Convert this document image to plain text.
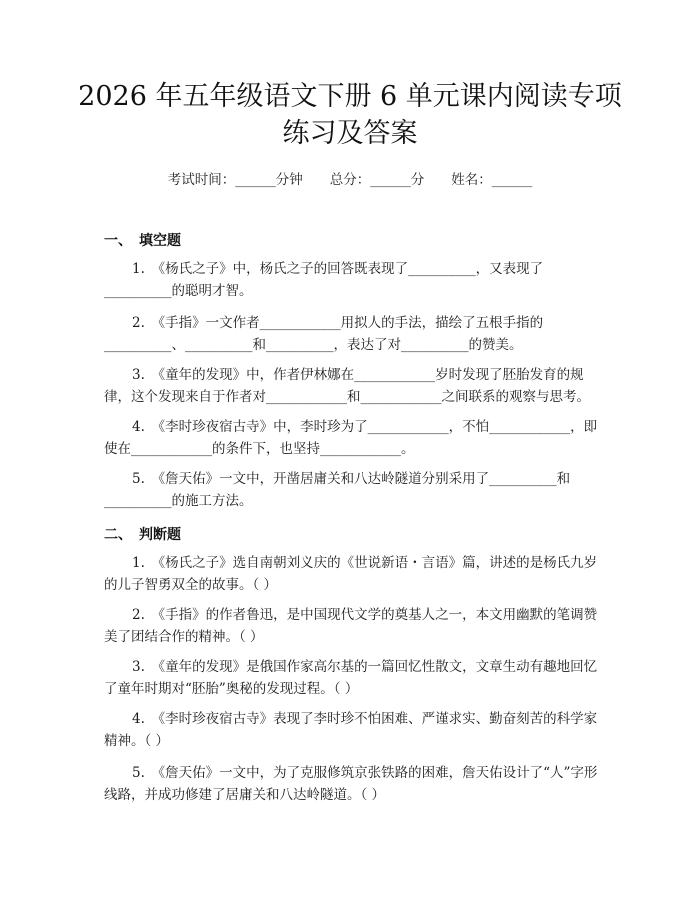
2026 年五年级语文下册 6 单元课内阅读专项
练习及答案
考试时间：______分钟　　总分：______分　　姓名：______
一、　填空题
1.　《杨氏之子》中，杨氏之子的回答既表现了__________，又表现了__________的聪明才智。
2.　《手指》一文作者____________用拟人的手法，描绘了五根手指的__________、__________和__________，表达了对__________的赞美。
3.　《童年的发现》中，作者伊林娜在____________岁时发现了胚胎发育的规律，这个发现来自于作者对____________和____________之间联系的观察与思考。
4.　《李时珍夜宿古寺》中，李时珍为了____________，不怕____________，即使在____________的条件下，也坚持____________。
5.　《詹天佑》一文中，开凿居庸关和八达岭隧道分别采用了__________和__________的施工方法。
二、　判断题
1.　《杨氏之子》选自南朝刘义庆的《世说新语・言语》篇，讲述的是杨氏九岁的儿子智勇双全的故事。（ ）
2.　《手指》的作者鲁迅，是中国现代文学的奠基人之一，本文用幽默的笔调赞美了团结合作的精神。（ ）
3.　《童年的发现》是俄国作家高尔基的一篇回忆性散文，文章生动有趣地回忆了童年时期对“胚胎”奥秘的发现过程。（ ）
4.　《李时珍夜宿古寺》表现了李时珍不怕困难、严谨求实、勤奋刻苦的科学家精神。（ ）
5.　《詹天佑》一文中，为了克服修筑京张铁路的困难，詹天佑设计了“人”字形线路，并成功修建了居庸关和八达岭隧道。（ ）
